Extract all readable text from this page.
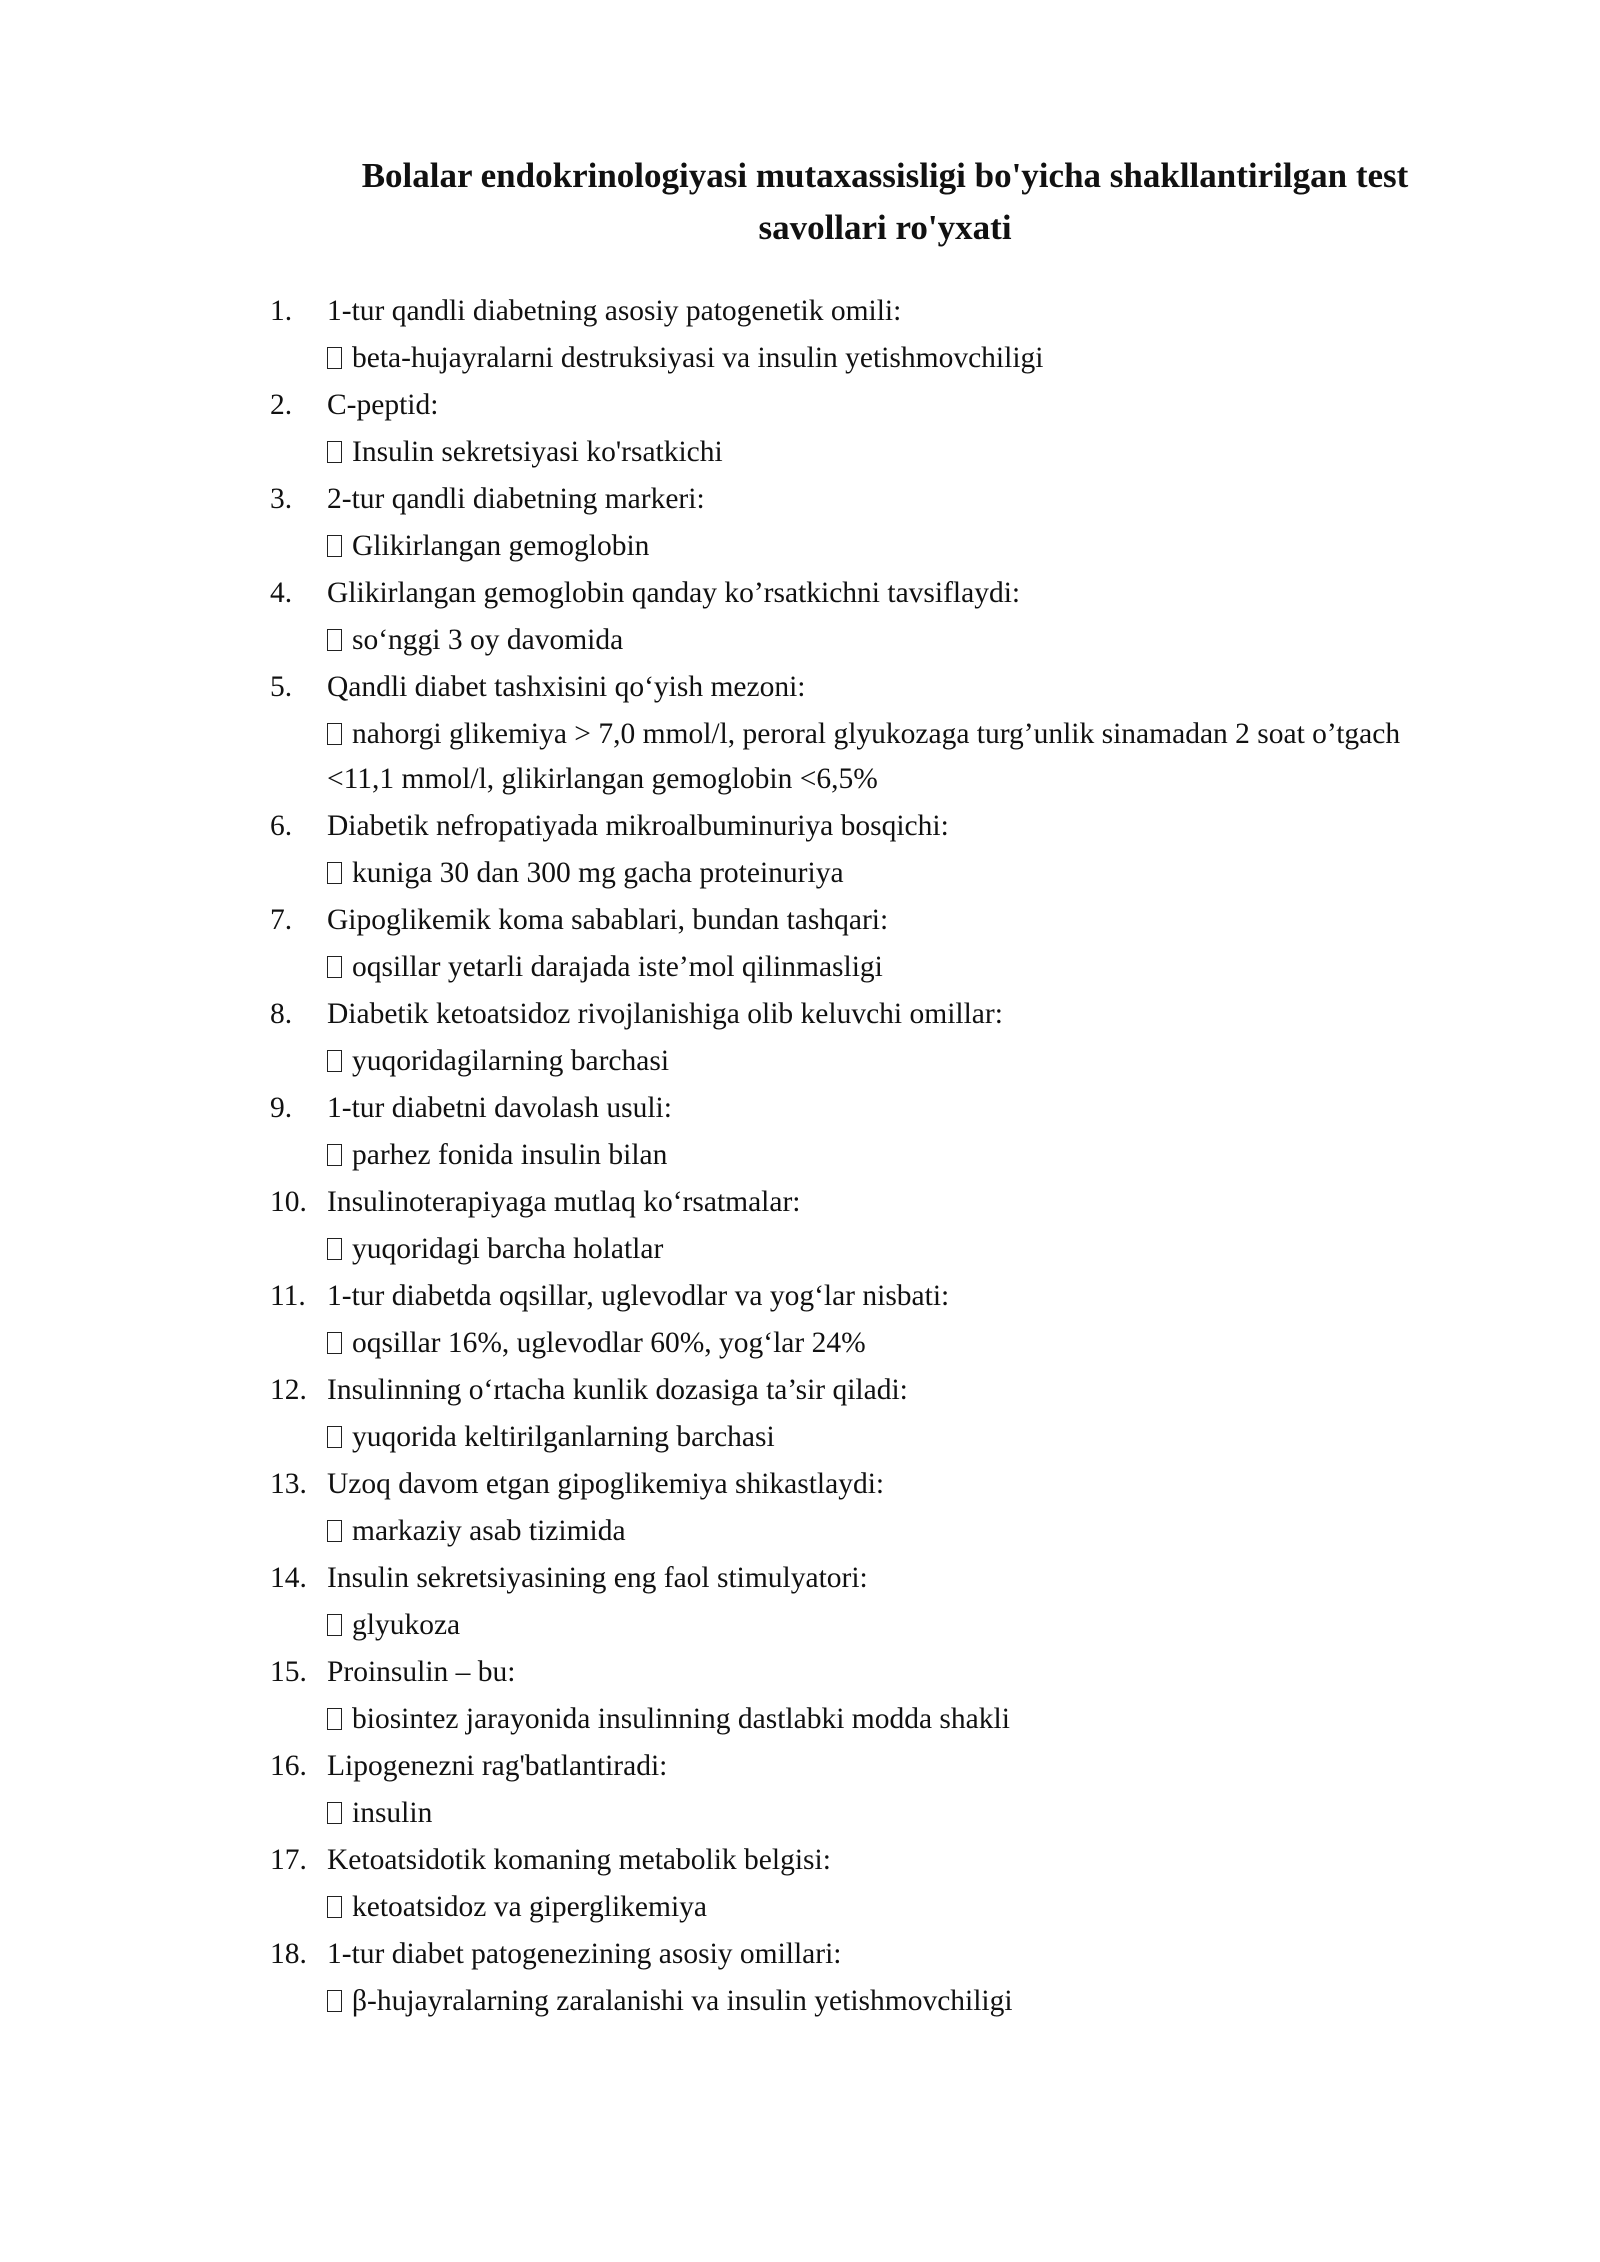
Bolalar endokrinologiyasi mutaxassisligi bo'yicha shakllantirilgan test savollari ro'yxati
1.	1-tur qandli diabetning asosiy patogenetik omili:
beta-hujayralarni destruksiyasi va insulin yetishmovchiligi
2.	C-peptid:
Insulin sekretsiyasi ko'rsatkichi
3.	2-tur qandli diabetning markeri:
Glikirlangan gemoglobin
4.	Glikirlangan gemoglobin qanday ko’rsatkichni tavsiflaydi:
so‘nggi 3 oy davomida
5.	Qandli diabet tashxisini qo‘yish mezoni:
nahorgi glikemiya > 7,0 mmol/l, peroral glyukozaga turg’unlik sinamadan 2 soat o’tgach <11,1 mmol/l, glikirlangan gemoglobin <6,5%
6.	Diabetik nefropatiyada mikroalbuminuriya bosqichi:
kuniga 30 dan 300 mg gacha proteinuriya
7.	Gipoglikemik koma sabablari, bundan tashqari:
oqsillar yetarli darajada iste’mol qilinmasligi
8.	Diabetik ketoatsidoz rivojlanishiga olib keluvchi omillar:
yuqoridagilarning barchasi
9.	1-tur diabetni davolash usuli:
parhez fonida insulin bilan
10. Insulinoterapiyaga mutlaq ko‘rsatmalar:
yuqoridagi barcha holatlar
11. 1-tur diabetda oqsillar, uglevodlar va yog‘lar nisbati:
oqsillar 16%, uglevodlar 60%, yog‘lar 24%
12. Insulinning o‘rtacha kunlik dozasiga ta’sir qiladi:
yuqorida keltirilganlarning barchasi
13. Uzoq davom etgan gipoglikemiya shikastlaydi:
markaziy asab tizimida
14. Insulin sekretsiyasining eng faol stimulyatori:
glyukoza
15. Proinsulin – bu:
biosintez jarayonida insulinning dastlabki modda shakli
16. Lipogenezni rag'batlantiradi:
insulin
17. Ketoatsidotik komaning metabolik belgisi:
ketoatsidoz va giperglikemiya
18. 1-tur diabet patogenezining asosiy omillari:
β-hujayralarning zaralanishi va insulin yetishmovchiligi
